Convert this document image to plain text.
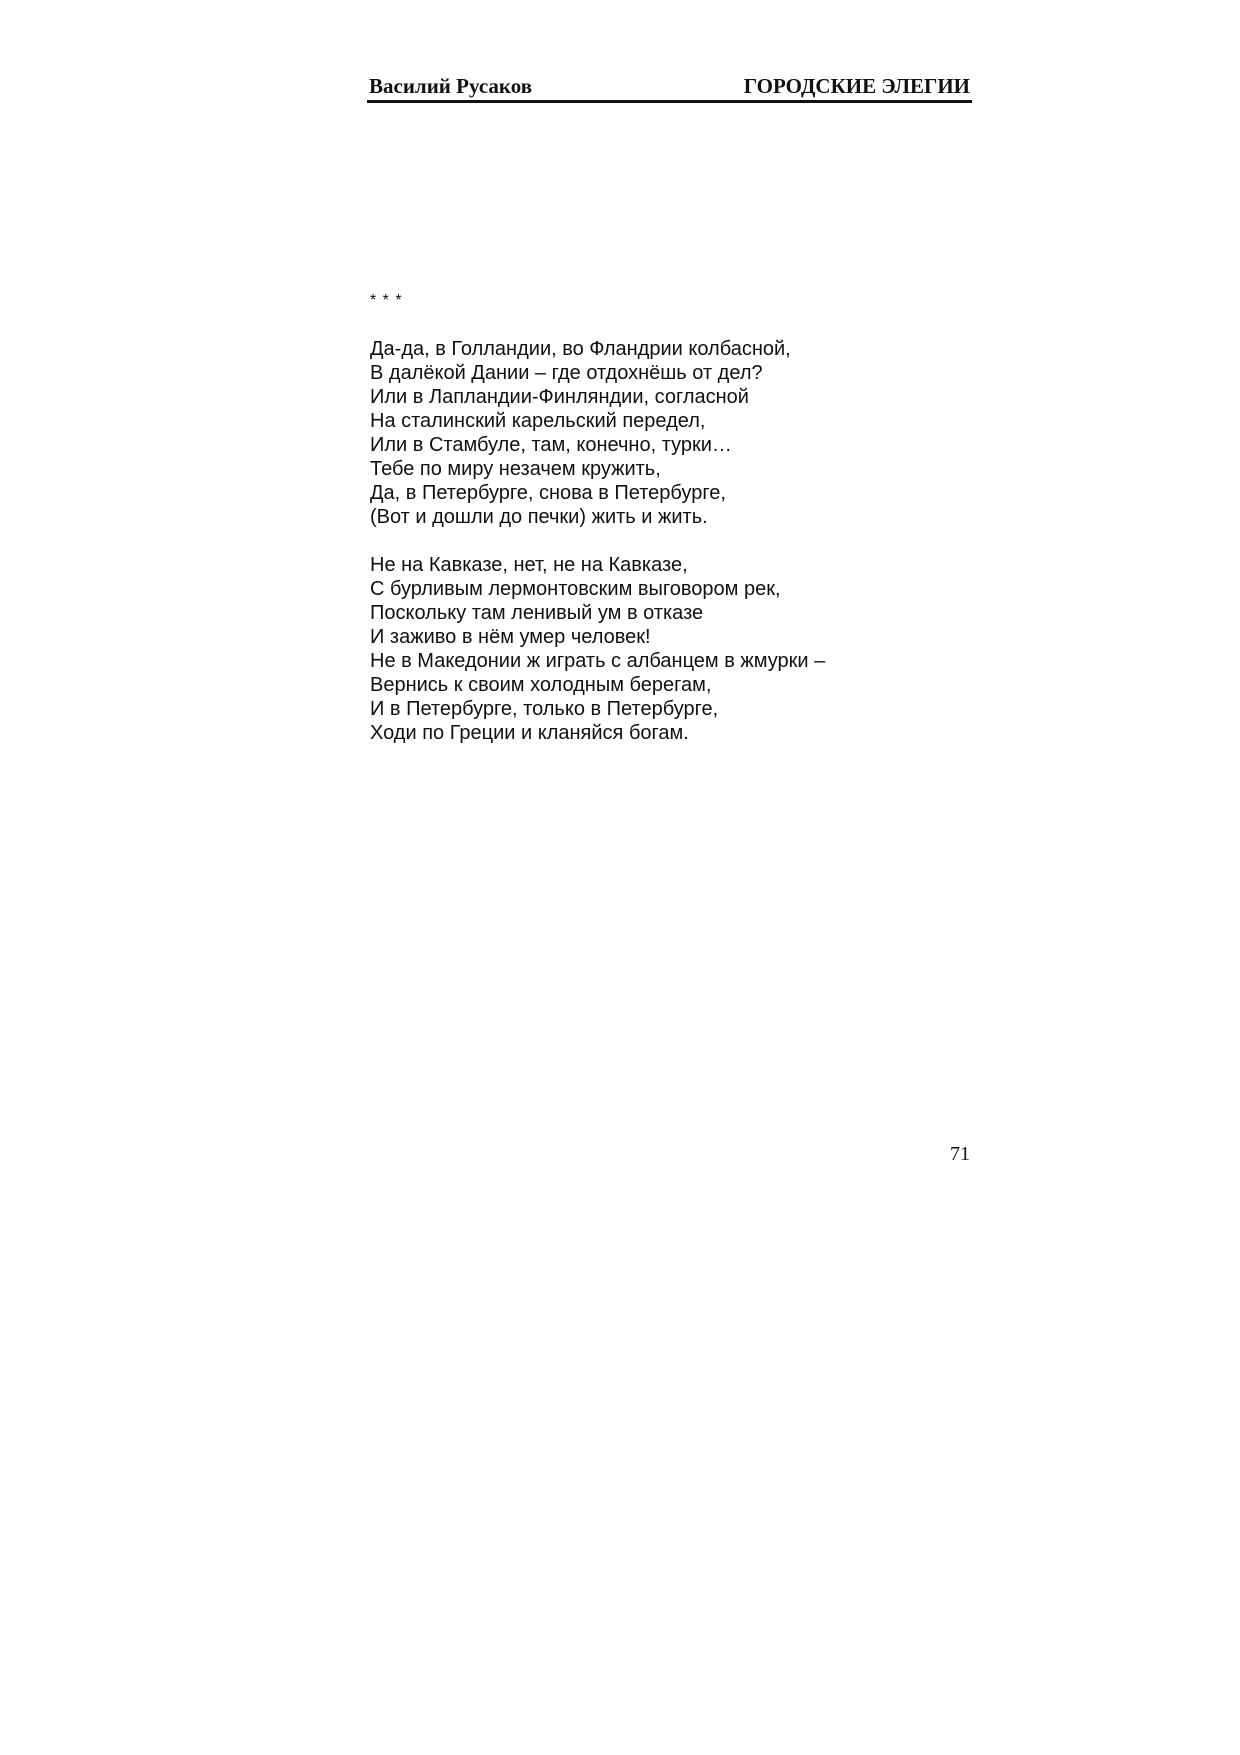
Василий Русаков	ГОРОДСКИЕ ЭЛЕГИИ
* * *
Да-да, в Голландии, во Фландрии колбасной,
В далёкой Дании – где отдохнёшь от дел?
Или в Лапландии-Финляндии, согласной
На сталинский карельский передел,
Или в Стамбуле, там, конечно, турки…
Тебе по миру незачем кружить,
Да, в Петербурге, снова в Петербурге,
(Вот и дошли до печки) жить и жить.
Не на Кавказе, нет, не на Кавказе,
С бурливым лермонтовским выговором рек,
Поскольку там ленивый ум в отказе
И заживо в нём умер человек!
Не в Македонии ж играть с албанцем в жмурки –
Вернись к своим холодным берегам,
И в Петербурге, только в Петербурге,
Ходи по Греции и кланяйся богам.
71
